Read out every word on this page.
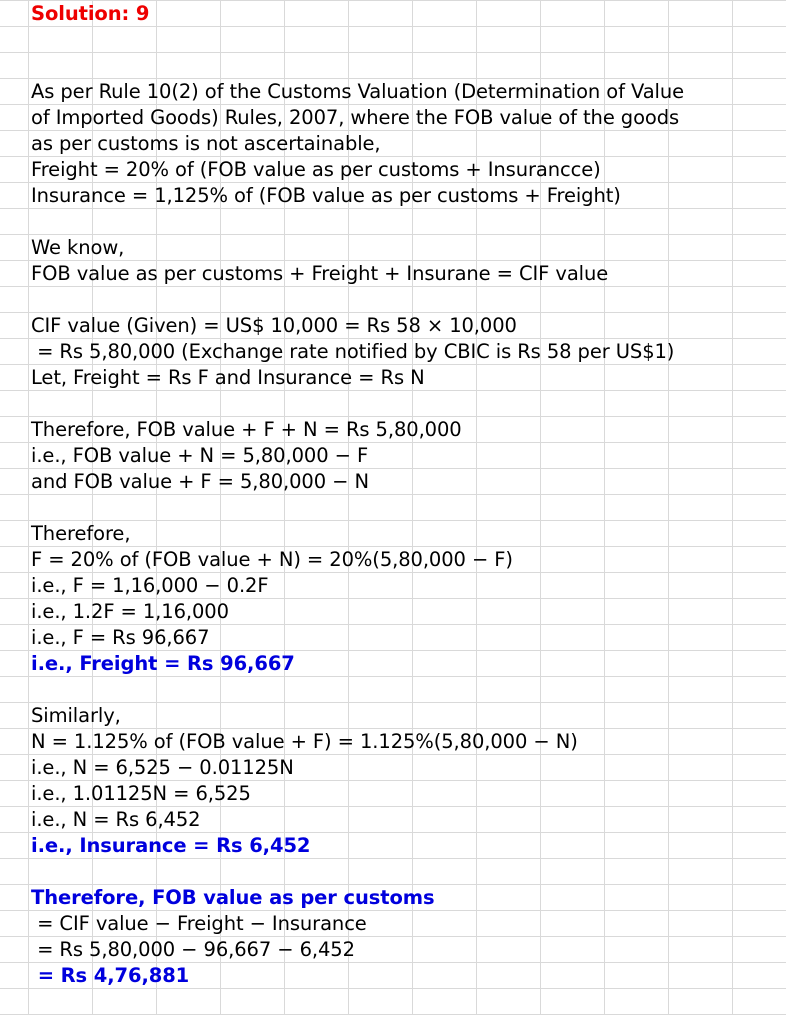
Solution: 9
As per Rule 10(2) of the Customs Valuation (Determination of Value
of Imported Goods) Rules, 2007, where the FOB value of the goods
as per customs is not ascertainable,
Freight = 20% of (FOB value as per customs + Insurancce)
Insurance = 1,125% of (FOB value as per customs + Freight)
We know,
FOB value as per customs + Freight + Insurane = CIF value
CIF value (Given) = US$ 10,000 = Rs 58 × 10,000
= Rs 5,80,000 (Exchange rate notified by CBIC is Rs 58 per US$1)
Let, Freight = Rs F and Insurance = Rs N
Therefore, FOB value + F + N = Rs 5,80,000
i.e., FOB value + N = 5,80,000 − F
and FOB value + F = 5,80,000 − N
Therefore,
F = 20% of (FOB value + N) = 20%(5,80,000 − F)
i.e., F = 1,16,000 − 0.2F
i.e., 1.2F = 1,16,000
i.e., F = Rs 96,667
i.e., Freight = Rs 96,667
Similarly,
N = 1.125% of (FOB value + F) = 1.125%(5,80,000 − N)
i.e., N = 6,525 − 0.01125N
i.e., 1.01125N = 6,525
i.e., N = Rs 6,452
i.e., Insurance = Rs 6,452
Therefore, FOB value as per customs
= CIF value − Freight − Insurance
= Rs 5,80,000 − 96,667 − 6,452
= Rs 4,76,881
